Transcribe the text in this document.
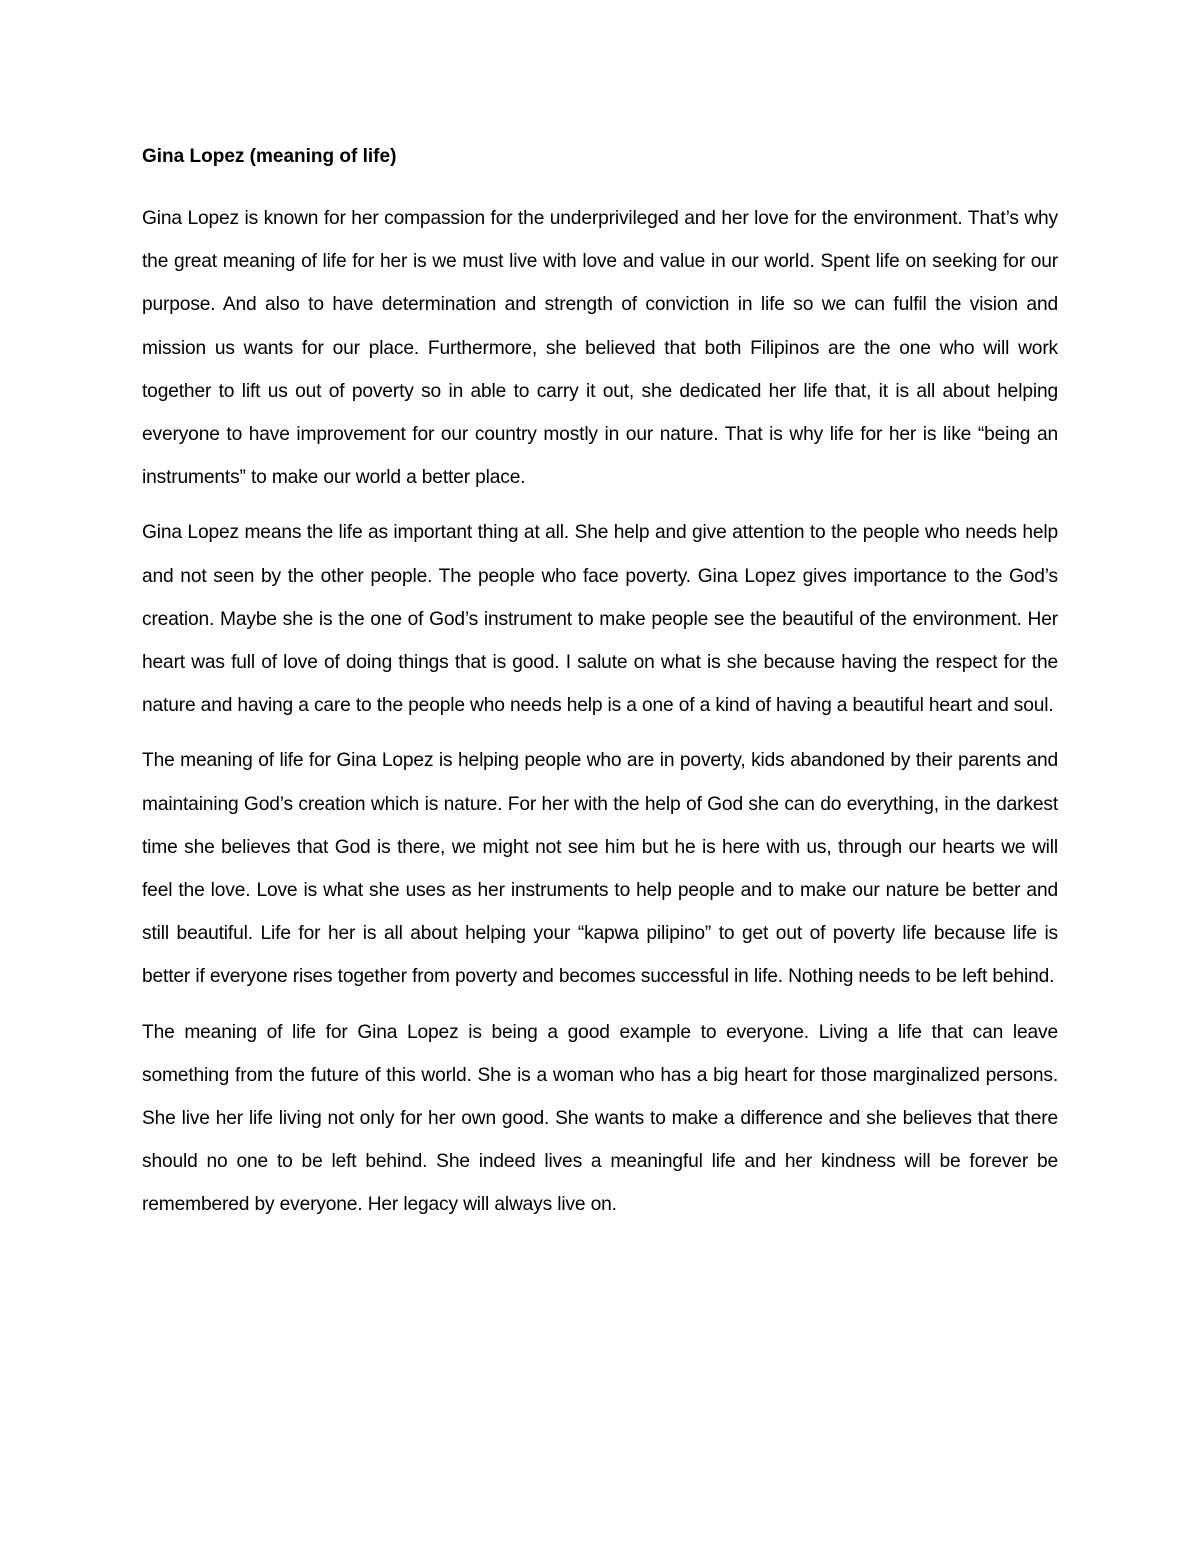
Gina Lopez (meaning of life)

Gina Lopez is known for her compassion for the underprivileged and her love for the environment. That’s why the great meaning of life for her is we must live with love and value in our world. Spent life on seeking for our purpose. And also to have determination and strength of conviction in life so we can fulfil the vision and mission us wants for our place. Furthermore, she believed that both Filipinos are the one who will work together to lift us out of poverty so in able to carry it out, she dedicated her life that, it is all about helping everyone to have improvement for our country mostly in our nature. That is why life for her is like “being an instruments” to make our world a better place.

Gina Lopez means the life as important thing at all. She help and give attention to the people who needs help and not seen by the other people. The people who face poverty. Gina Lopez gives importance to the God’s creation. Maybe she is the one of God’s instrument to make people see the beautiful of the environment. Her heart was full of love of doing things that is good. I salute on what is she because having the respect for the nature and having a care to the people who needs help is a one of a kind of having a beautiful heart and soul.

The meaning of life for Gina Lopez is helping people who are in poverty, kids abandoned by their parents and maintaining God’s creation which is nature. For her with the help of God she can do everything, in the darkest time she believes that God is there, we might not see him but he is here with us, through our hearts we will feel the love. Love is what she uses as her instruments to help people and to make our nature be better and still beautiful. Life for her is all about helping your “kapwa pilipino” to get out of poverty life because life is better if everyone rises together from poverty and becomes successful in life. Nothing needs to be left behind.

The meaning of life for Gina Lopez is being a good example to everyone. Living a life that can leave something from the future of this world. She is a woman who has a big heart for those marginalized persons. She live her life living not only for her own good. She wants to make a difference and she believes that there should no one to be left behind. She indeed lives a meaningful life and her kindness will be forever be remembered by everyone. Her legacy will always live on.
